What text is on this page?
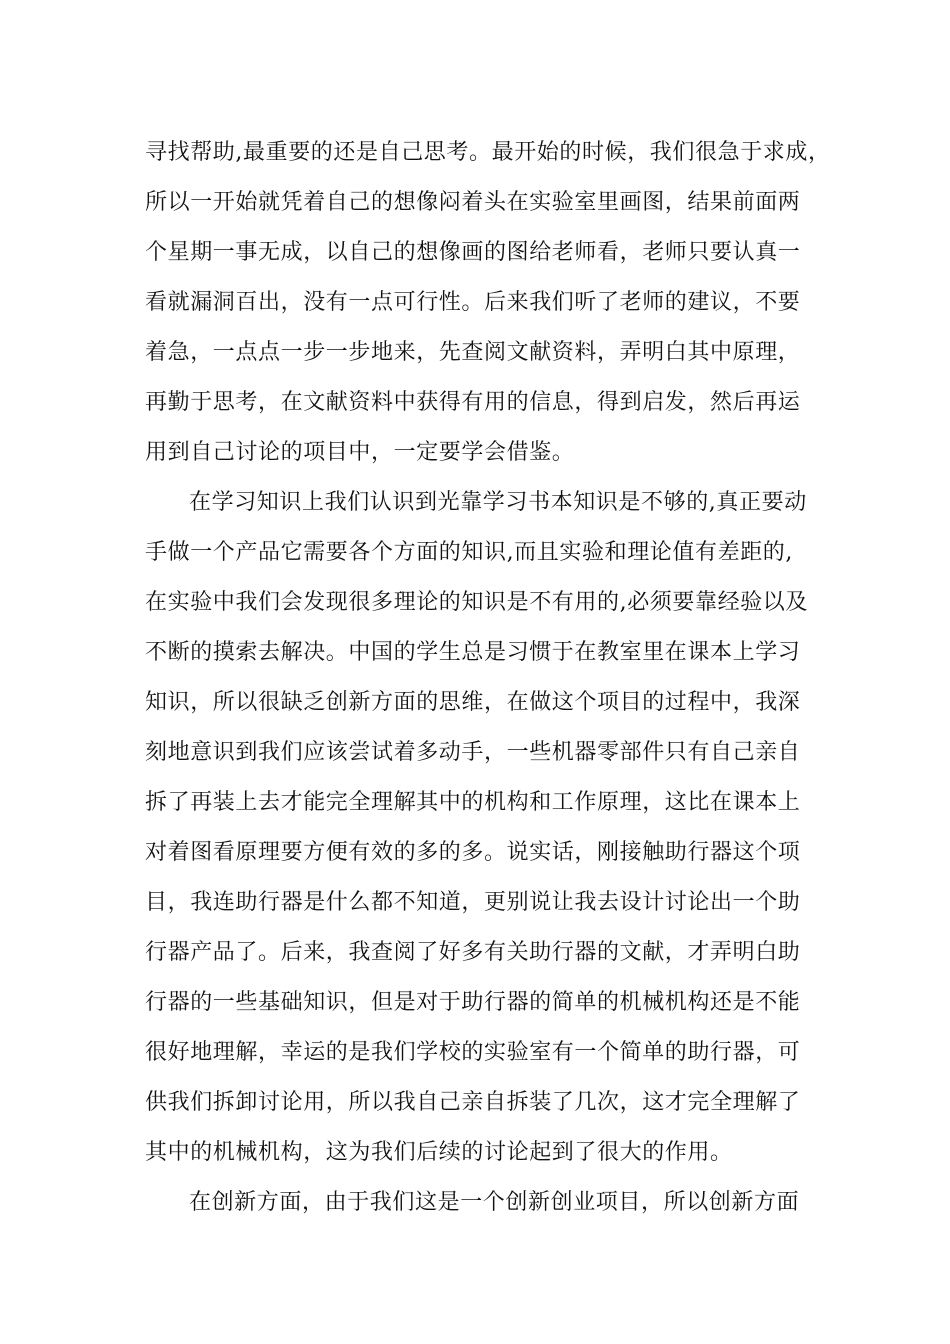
寻找帮助,最重要的还是自己思考。最开始的时候，我们很急于求成，
所以一开始就凭着自己的想像闷着头在实验室里画图，结果前面两
个星期一事无成，以自己的想像画的图给老师看，老师只要认真一
看就漏洞百出，没有一点可行性。后来我们听了老师的建议，不要
着急，一点点一步一步地来，先查阅文献资料，弄明白其中原理，
再勤于思考，在文献资料中获得有用的信息，得到启发，然后再运
用到自己讨论的项目中，一定要学会借鉴。
在学习知识上我们认识到光靠学习书本知识是不够的,真正要动
手做一个产品它需要各个方面的知识,而且实验和理论值有差距的,
在实验中我们会发现很多理论的知识是不有用的,必须要靠经验以及
不断的摸索去解决。中国的学生总是习惯于在教室里在课本上学习
知识，所以很缺乏创新方面的思维，在做这个项目的过程中，我深
刻地意识到我们应该尝试着多动手，一些机器零部件只有自己亲自
拆了再装上去才能完全理解其中的机构和工作原理，这比在课本上
对着图看原理要方便有效的多的多。说实话，刚接触助行器这个项
目，我连助行器是什么都不知道，更别说让我去设计讨论出一个助
行器产品了。后来，我查阅了好多有关助行器的文献，才弄明白助
行器的一些基础知识，但是对于助行器的简单的机械机构还是不能
很好地理解，幸运的是我们学校的实验室有一个简单的助行器，可
供我们拆卸讨论用，所以我自己亲自拆装了几次，这才完全理解了
其中的机械机构，这为我们后续的讨论起到了很大的作用。
在创新方面，由于我们这是一个创新创业项目，所以创新方面
